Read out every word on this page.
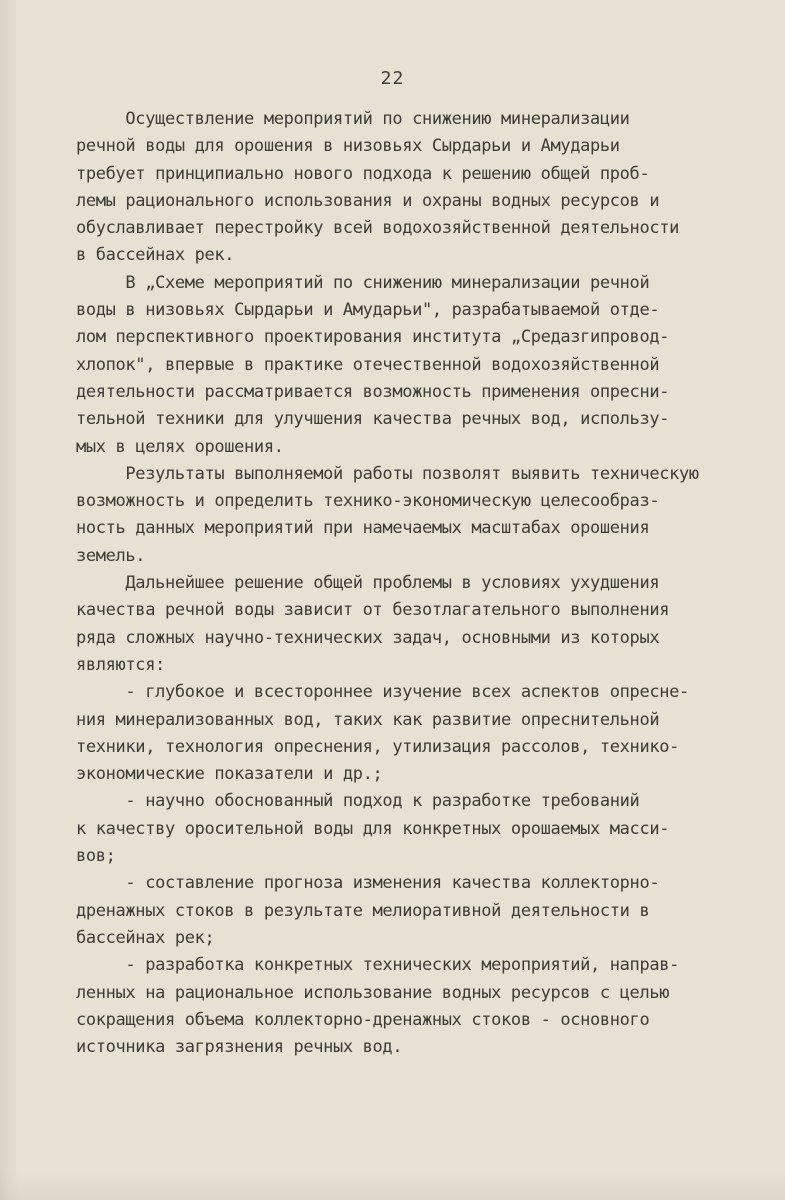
22
Осуществление мероприятий по снижению минерализации
речной воды для орошения в низовьях Сырдарьи и Амударьи
требует принципиально нового подхода к решению общей проб-
лемы рационального использования и охраны водных ресурсов и
обуславливает перестройку всей водохозяйственной деятельности
в бассейнах рек.
В „Схеме мероприятий по снижению минерализации речной
воды в низовьях Сырдарьи и Амударьи", разрабатываемой отде-
лом перспективного проектирования института „Средазгипровод-
хлопок", впервые в практике отечественной водохозяйственной
деятельности рассматривается возможность применения опресни-
тельной техники для улучшения качества речных вод, использу-
мых в целях орошения.
Результаты выполняемой работы позволят выявить техническую
возможность и определить технико-экономическую целесообраз-
ность данных мероприятий при намечаемых масштабах орошения
земель.
Дальнейшее решение общей проблемы в условиях ухудшения
качества речной воды зависит от безотлагательного выполнения
ряда сложных научно-технических задач, основными из которых
являются:
- глубокое и всестороннее изучение всех аспектов опресне-
ния минерализованных вод, таких как развитие опреснительной
техники, технология опреснения, утилизация рассолов, технико-
экономические показатели и др.;
- научно обоснованный подход к разработке требований
к качеству оросительной воды для конкретных орошаемых масси-
вов;
- составление прогноза изменения качества коллекторно-
дренажных стоков в результате мелиоративной деятельности в
бассейнах рек;
- разработка конкретных технических мероприятий, направ-
ленных на рациональное использование водных ресурсов с целью
сокращения объема коллекторно-дренажных стоков - основного
источника загрязнения речных вод.
